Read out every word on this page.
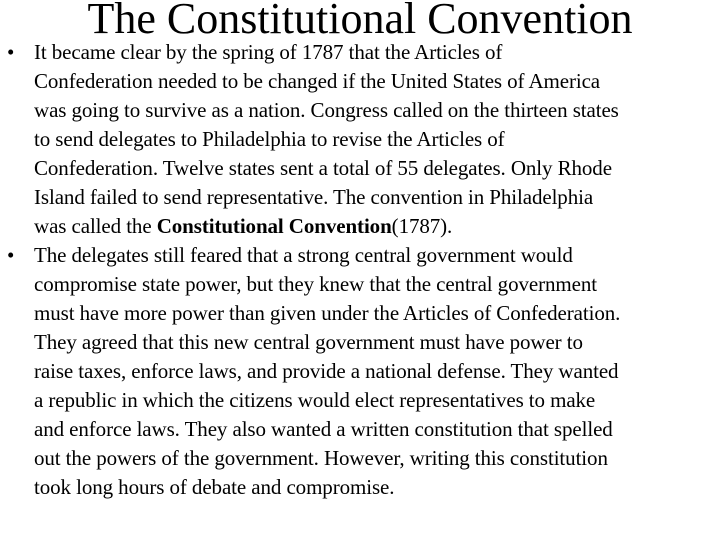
The Constitutional Convention
• It became clear by the spring of 1787 that the Articles of
Confederation needed to be changed if the United States of America
was going to survive as a nation. Congress called on the thirteen states
to send delegates to Philadelphia to revise the Articles of
Confederation. Twelve states sent a total of 55 delegates. Only Rhode
Island failed to send representative. The convention in Philadelphia
was called the Constitutional Convention(1787).
• The delegates still feared that a strong central government would
compromise state power, but they knew that the central government
must have more power than given under the Articles of Confederation.
They agreed that this new central government must have power to
raise taxes, enforce laws, and provide a national defense. They wanted
a republic in which the citizens would elect representatives to make
and enforce laws. They also wanted a written constitution that spelled
out the powers of the government. However, writing this constitution
took long hours of debate and compromise.
